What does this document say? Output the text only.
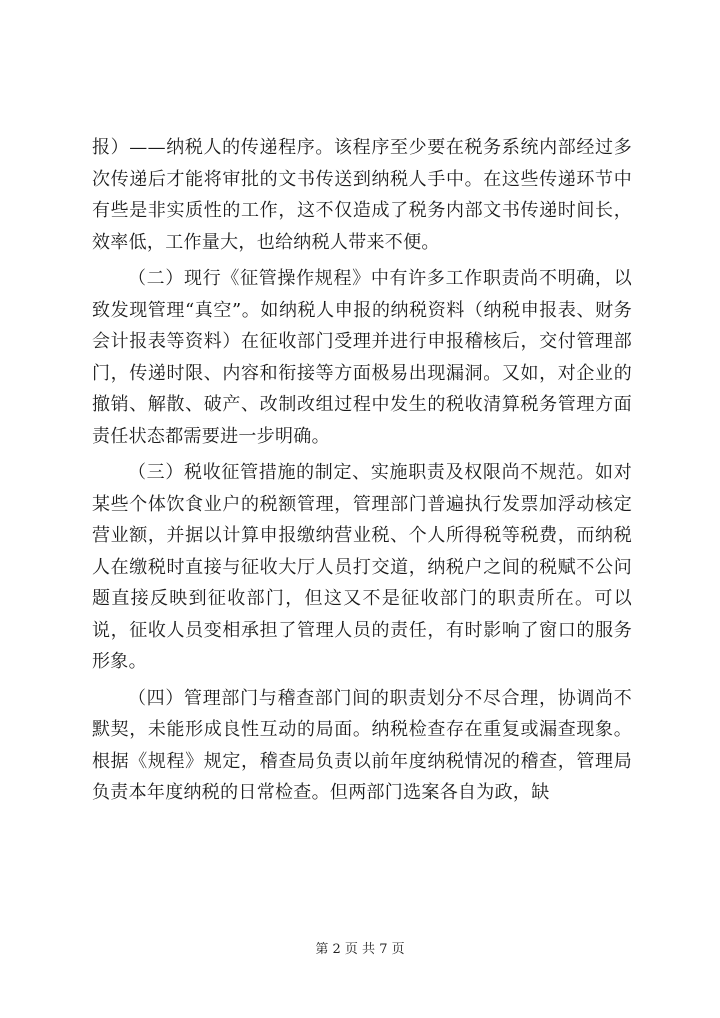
报）——纳税人的传递程序。该程序至少要在税务系统内部经过多次传递后才能将审批的文书传送到纳税人手中。在这些传递环节中有些是非实质性的工作，这不仅造成了税务内部文书传递时间长，效率低，工作量大，也给纳税人带来不便。

（二）现行《征管操作规程》中有许多工作职责尚不明确，以致发现管理“真空”。如纳税人申报的纳税资料（纳税申报表、财务会计报表等资料）在征收部门受理并进行申报稽核后，交付管理部门，传递时限、内容和衔接等方面极易出现漏洞。又如，对企业的撤销、解散、破产、改制改组过程中发生的税收清算税务管理方面责任状态都需要进一步明确。

（三）税收征管措施的制定、实施职责及权限尚不规范。如对某些个体饮食业户的税额管理，管理部门普遍执行发票加浮动核定营业额，并据以计算申报缴纳营业税、个人所得税等税费，而纳税人在缴税时直接与征收大厅人员打交道，纳税户之间的税赋不公问题直接反映到征收部门，但这又不是征收部门的职责所在。可以说，征收人员变相承担了管理人员的责任，有时影响了窗口的服务形象。

（四）管理部门与稽查部门间的职责划分不尽合理，协调尚不默契，未能形成良性互动的局面。纳税检查存在重复或漏查现象。根据《规程》规定，稽查局负责以前年度纳税情况的稽查，管理局负责本年度纳税的日常检查。但两部门选案各自为政，缺

第 2 页 共 7 页
